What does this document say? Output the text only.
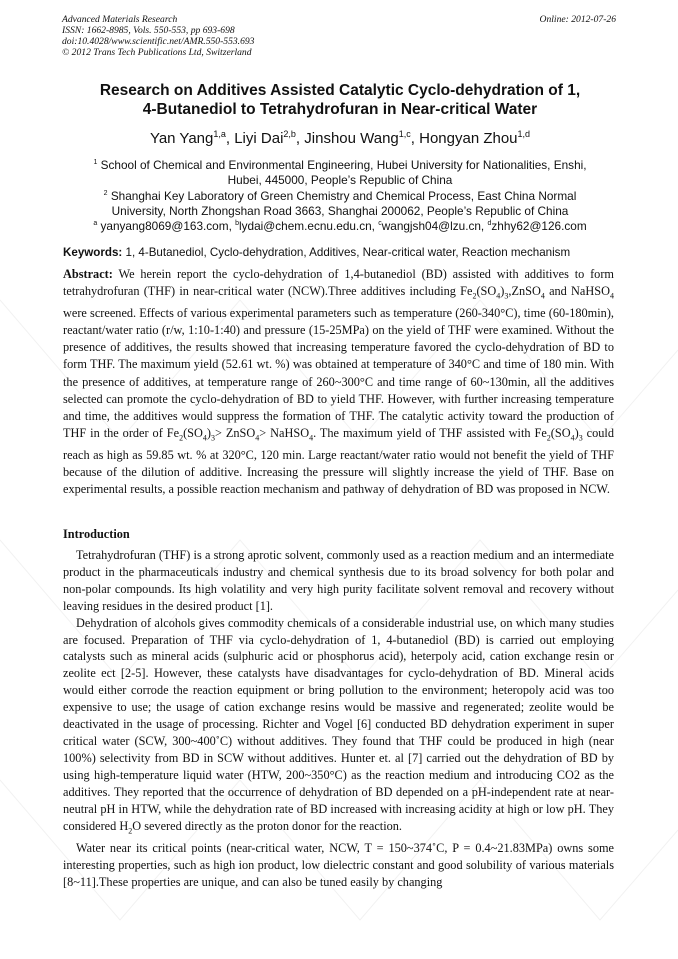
Advanced Materials Research
ISSN: 1662-8985, Vols. 550-553, pp 693-698
doi:10.4028/www.scientific.net/AMR.550-553.693
© 2012 Trans Tech Publications Ltd, Switzerland
Online: 2012-07-26
Research on Additives Assisted Catalytic Cyclo-dehydration of 1,
4-Butanediol to Tetrahydrofuran in Near-critical Water
Yan Yang$^{1,a}$, Liyi Dai$^{2,b}$, Jinshou Wang$^{1,c}$, Hongyan Zhou$^{1,d}$
$^1$ School of Chemical and Environmental Engineering, Hubei University for Nationalities, Enshi,
Hubei, 445000, People’s Republic of China
$^2$ Shanghai Key Laboratory of Green Chemistry and Chemical Process, East China Normal
University, North Zhongshan Road 3663, Shanghai 200062, People’s Republic of China
$^a$ yanyang8069@163.com, $^b$lydai@chem.ecnu.edu.cn, $^c$wangjsh04@lzu.cn, $^d$zhhy62@126.com
Keywords: 1, 4-Butanediol, Cyclo-dehydration, Additives, Near-critical water, Reaction mechanism
Abstract: We herein report the cyclo-dehydration of 1,4-butanediol (BD) assisted with additives to form tetrahydrofuran (THF) in near-critical water (NCW).Three additives including $Fe_2(SO_4)_3,ZnSO_4$ and NaHSO$_4$ were screened. Effects of various experimental parameters such as temperature (260-340°C), time (60-180min), reactant/water ratio (r/w, 1:10-1:40) and pressure (15-25MPa) on the yield of THF were examined. Without the presence of additives, the results showed that increasing temperature favored the cyclo-dehydration of BD to form THF. The maximum yield (52.61 wt. %) was obtained at temperature of 340°C and time of 180 min. With the presence of additives, at temperature range of 260~300°C and time range of 60~130min, all the additives selected can promote the cyclo-dehydration of BD to yield THF. However, with further increasing temperature and time, the additives would suppress the formation of THF. The catalytic activity toward the production of THF in the order of $Fe_2(SO_4)_3>$ ZnSO$_4$> NaHSO$_4$. The maximum yield of THF assisted with $Fe_2(SO_4)_3$ could reach as high as 59.85 wt. % at 320°C, 120 min. Large reactant/water ratio would not benefit the yield of THF because of the dilution of additive. Increasing the pressure will slightly increase the yield of THF. Base on experimental results, a possible reaction mechanism and pathway of dehydration of BD was proposed in NCW.
Introduction

Tetrahydrofuran (THF) is a strong aprotic solvent, commonly used as a reaction medium and an intermediate product in the pharmaceuticals industry and chemical synthesis due to its broad solvency for both polar and non-polar compounds. Its high volatility and very high purity facilitate solvent removal and recovery without leaving residues in the desired product [1].

Dehydration of alcohols gives commodity chemicals of a considerable industrial use, on which many studies are focused. Preparation of THF via cyclo-dehydration of 1, 4-butanediol (BD) is carried out employing catalysts such as mineral acids (sulphuric acid or phosphorus acid), heterpoly acid, cation exchange resin or zeolite ect [2-5]. However, these catalysts have disadvantages for cyclo-dehydration of BD. Mineral acids would either corrode the reaction equipment or bring pollution to the environment; heteropoly acid was too expensive to use; the usage of cation exchange resins would be massive and regenerated; zeolite would be deactivated in the usage of processing. Richter and Vogel [6] conducted BD dehydration experiment in super critical water (SCW, 300~400˚C) without additives. They found that THF could be produced in high (near 100%) selectivity from BD in SCW without additives. Hunter et. al [7] carried out the dehydration of BD by using high-temperature liquid water (HTW, 200~350°C) as the reaction medium and introducing CO2 as the additives. They reported that the occurrence of dehydration of BD depended on a pH-independent rate at near-neutral pH in HTW, while the dehydration rate of BD increased with increasing acidity at high or low pH. They considered $H_2O$ severed directly as the proton donor for the reaction.

Water near its critical points (near-critical water, NCW, T = 150~374˚C, P = 0.4~21.83MPa) owns some interesting properties, such as high ion product, low dielectric constant and good solubility of various materials [8~11].These properties are unique, and can also be tuned easily by changing
